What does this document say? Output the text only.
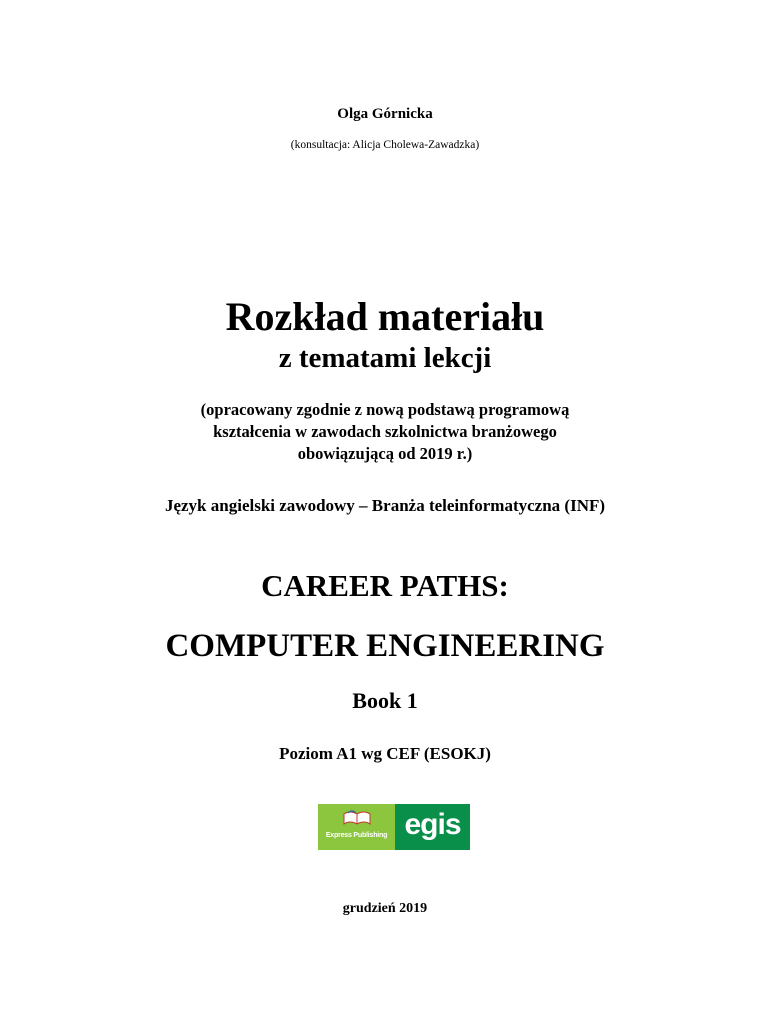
Olga Górnicka
(konsultacja: Alicja Cholewa-Zawadzka)
Rozkład materiału
z tematami lekcji
(opracowany zgodnie z nową podstawą programową
kształcenia w zawodach szkolnictwa branżowego
obowiązującą od 2019 r.)
Język angielski zawodowy – Branża teleinformatyczna (INF)
CAREER PATHS:
COMPUTER ENGINEERING
Book 1
Poziom A1 wg CEF (ESOKJ)
Express Publishing egis
grudzień 2019
